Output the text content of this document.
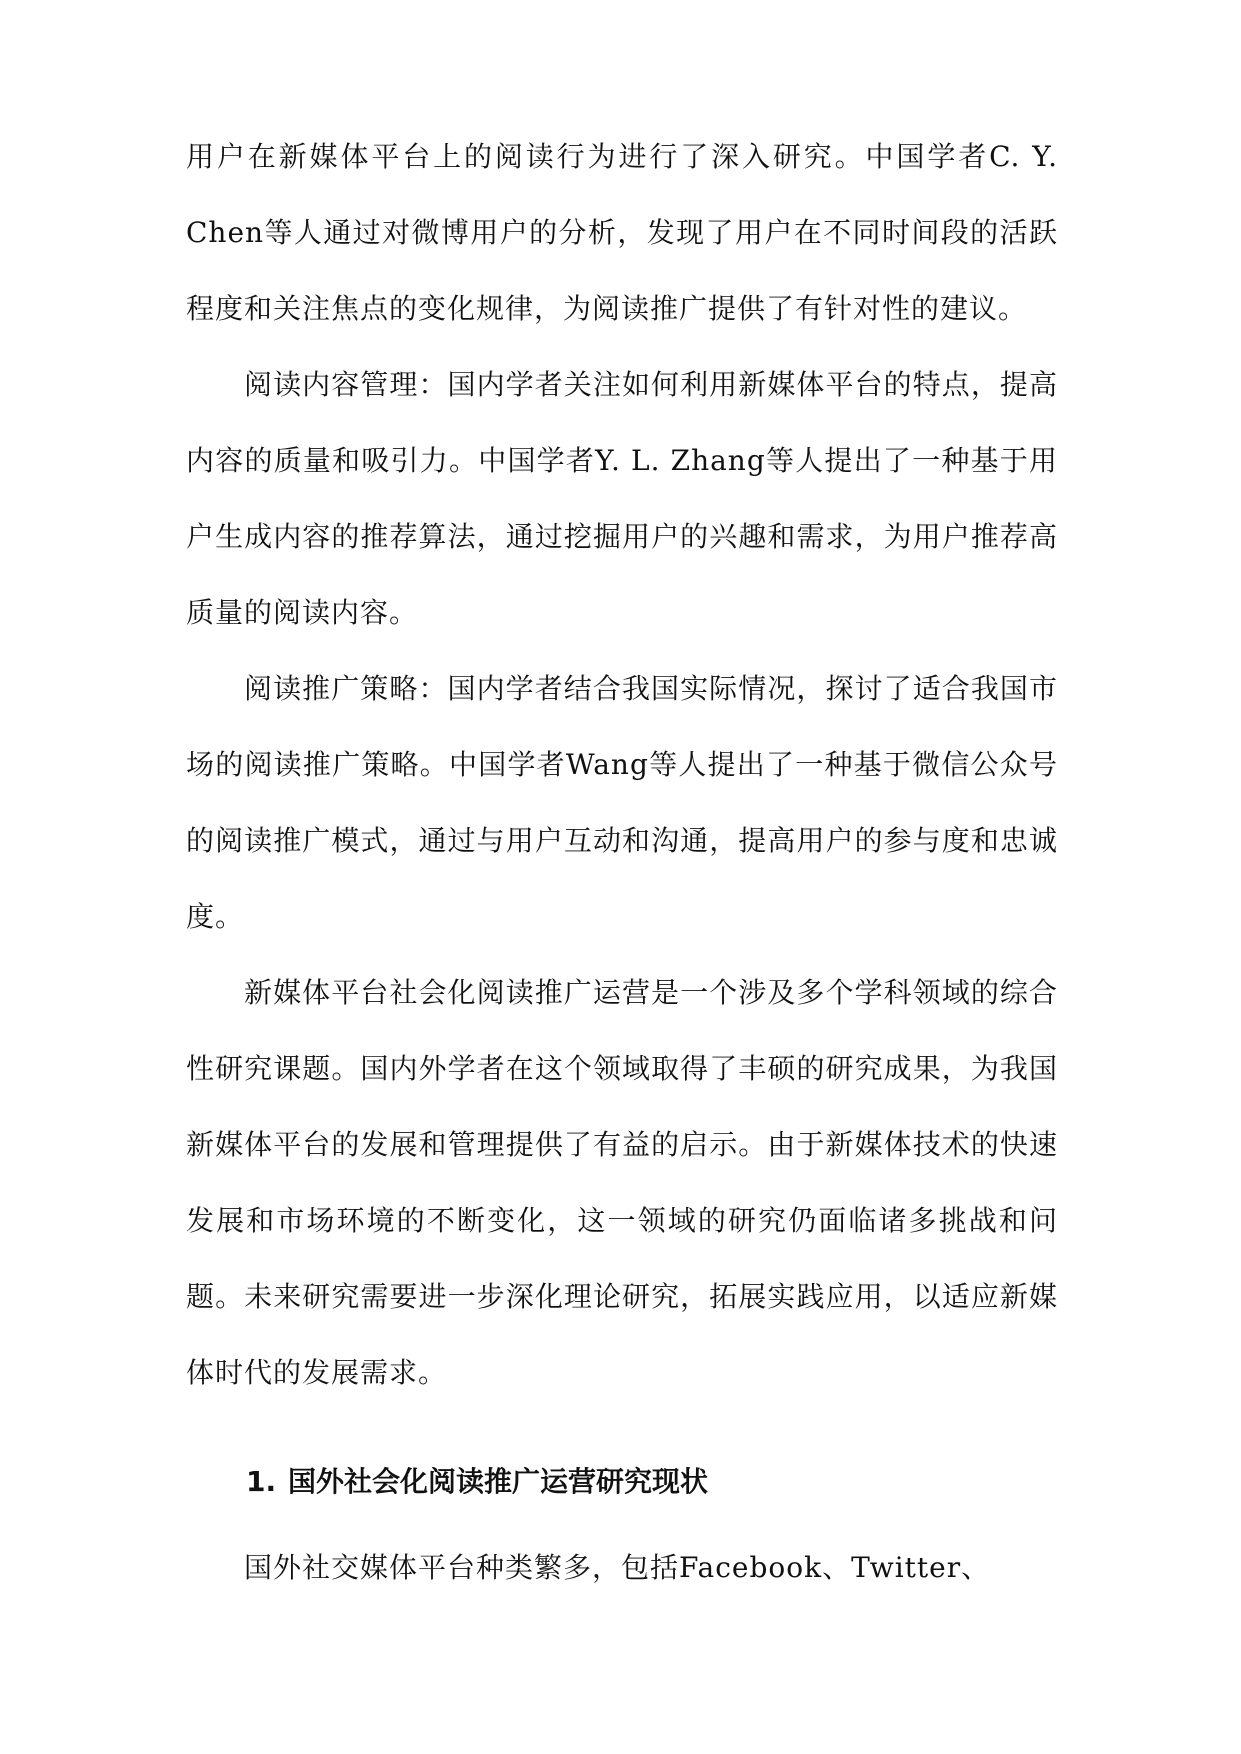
用户在新媒体平台上的阅读行为进行了深入研究。中国学者C. Y. Chen等人通过对微博用户的分析，发现了用户在不同时间段的活跃程度和关注焦点的变化规律，为阅读推广提供了有针对性的建议。

阅读内容管理：国内学者关注如何利用新媒体平台的特点，提高内容的质量和吸引力。中国学者Y. L. Zhang等人提出了一种基于用户生成内容的推荐算法，通过挖掘用户的兴趣和需求，为用户推荐高质量的阅读内容。

阅读推广策略：国内学者结合我国实际情况，探讨了适合我国市场的阅读推广策略。中国学者Wang等人提出了一种基于微信公众号的阅读推广模式，通过与用户互动和沟通，提高用户的参与度和忠诚度。

新媒体平台社会化阅读推广运营是一个涉及多个学科领域的综合性研究课题。国内外学者在这个领域取得了丰硕的研究成果，为我国新媒体平台的发展和管理提供了有益的启示。由于新媒体技术的快速发展和市场环境的不断变化，这一领域的研究仍面临诸多挑战和问题。未来研究需要进一步深化理论研究，拓展实践应用，以适应新媒体时代的发展需求。

1. 国外社会化阅读推广运营研究现状

国外社交媒体平台种类繁多，包括Facebook、Twitter、
